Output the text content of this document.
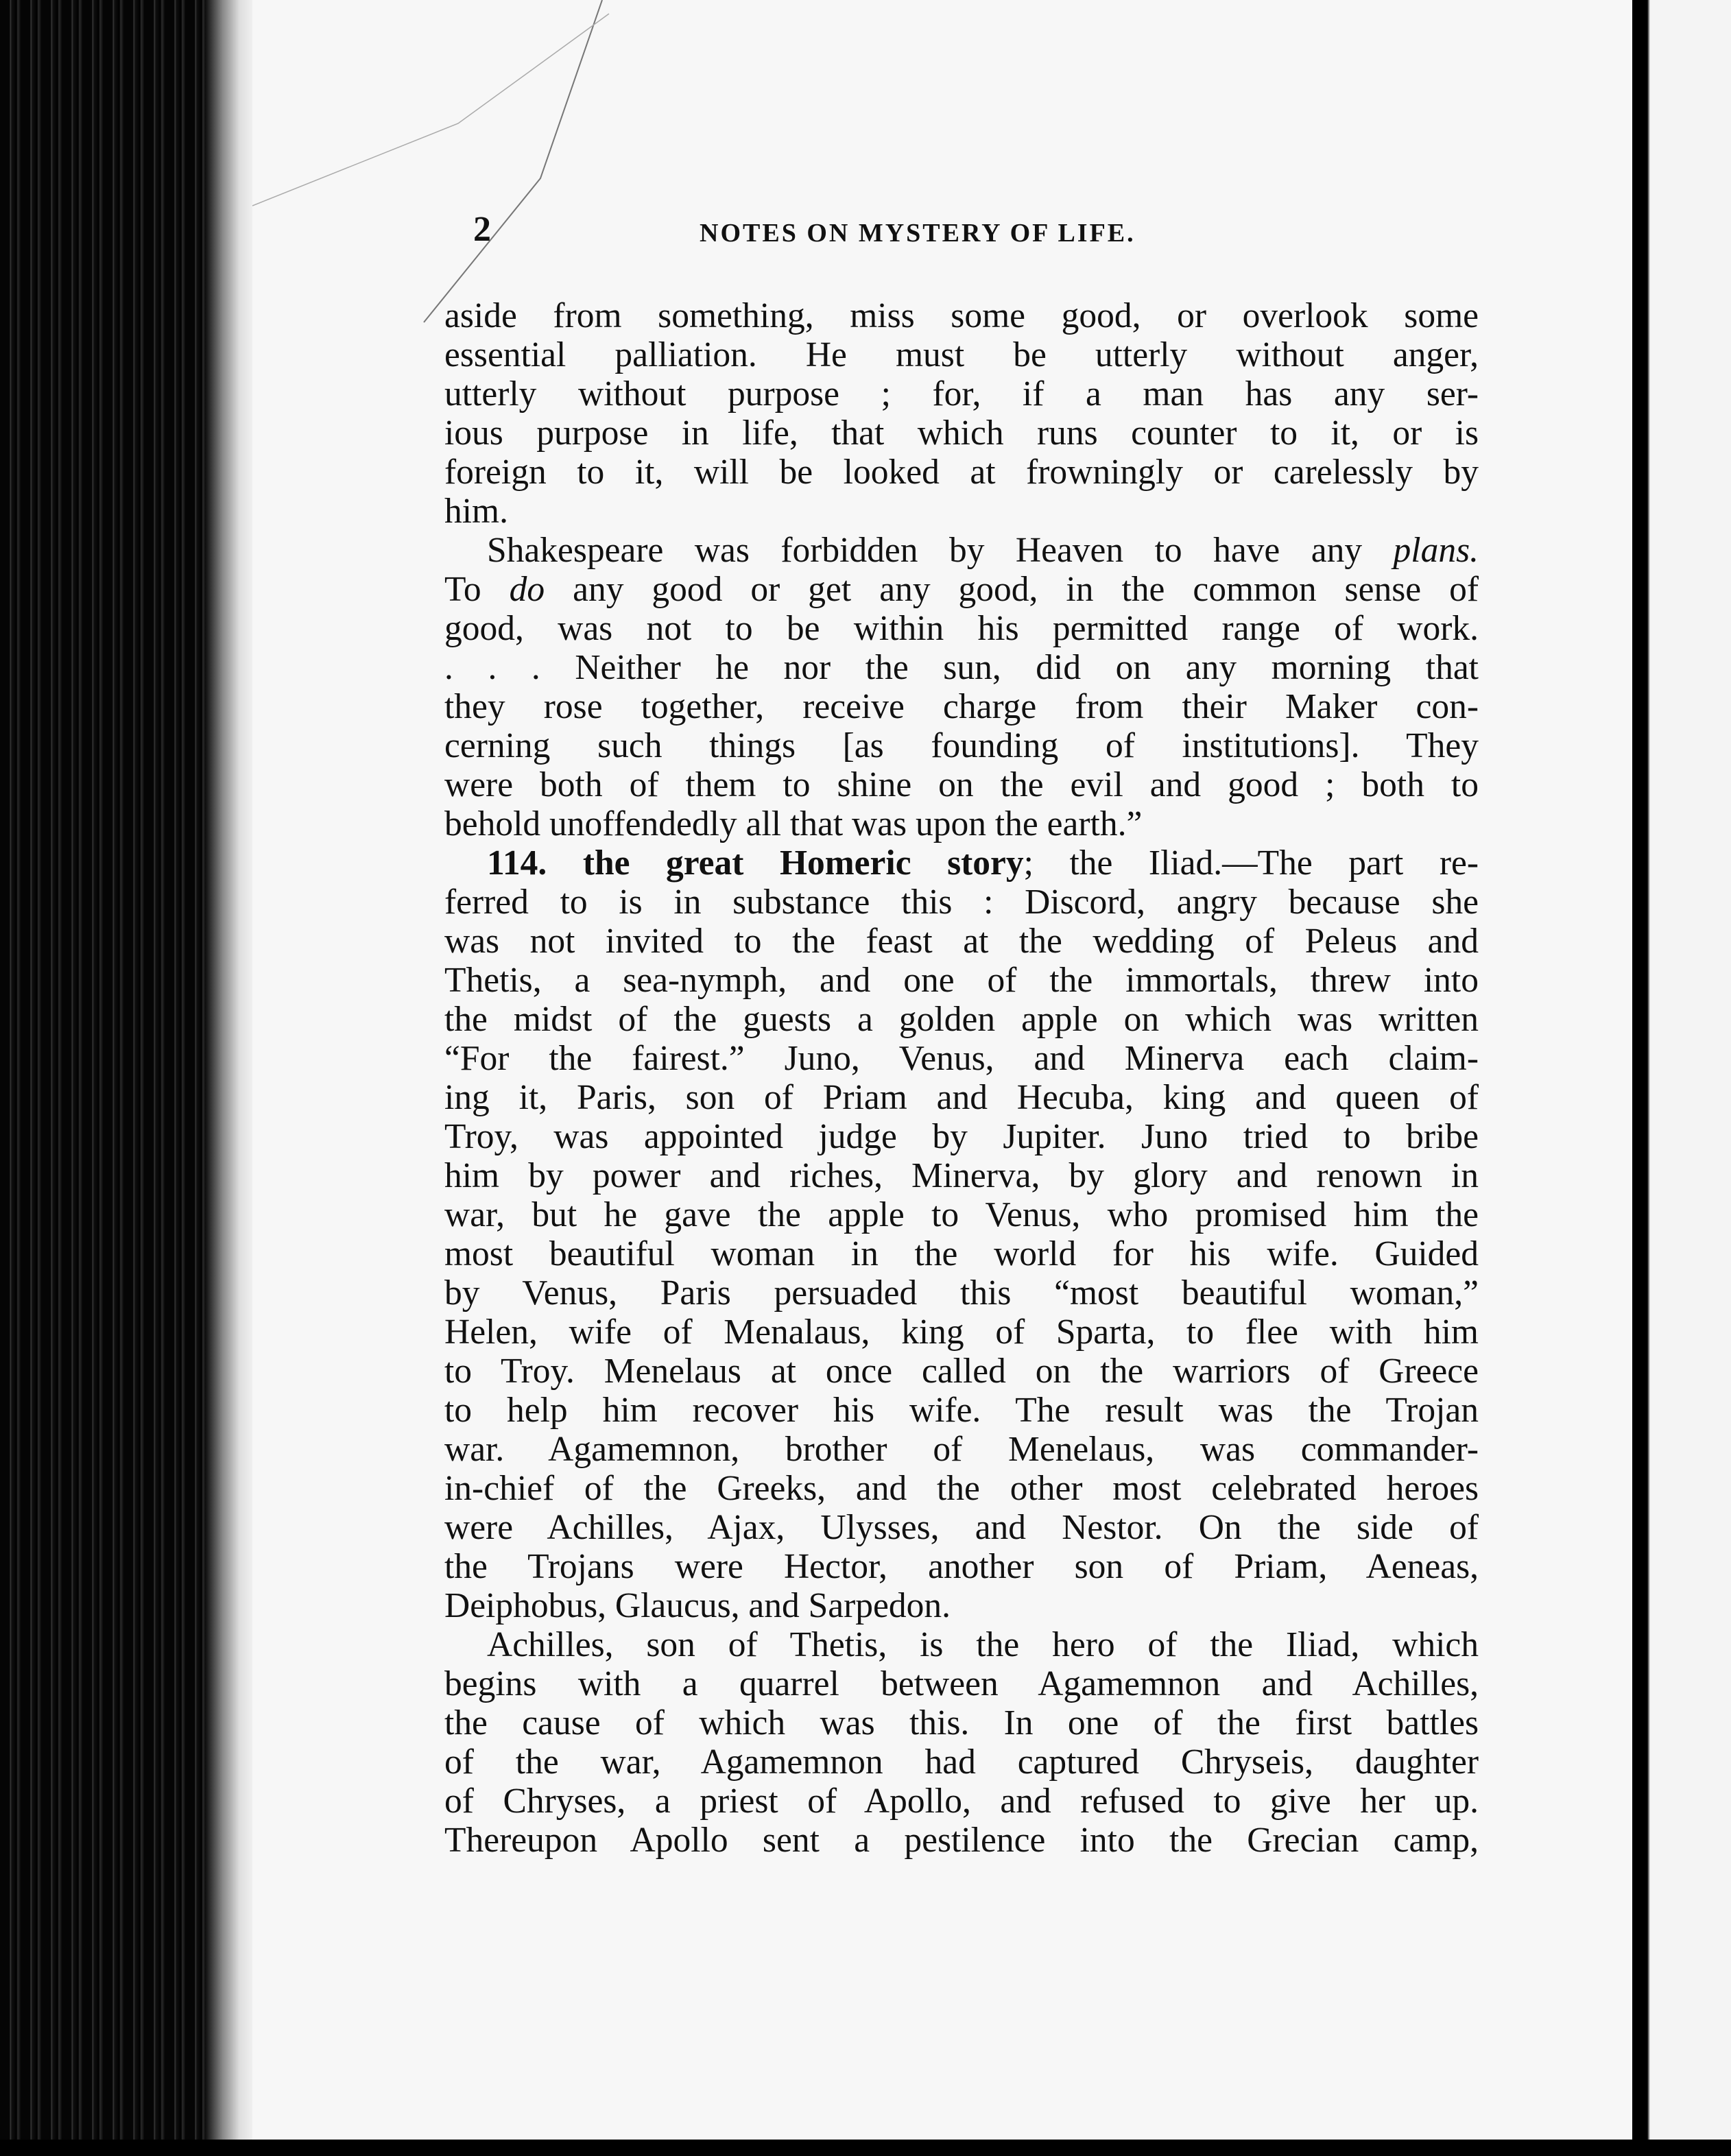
2	NOTES ON MYSTERY OF LIFE.
aside from something, miss some good, or overlook some
essential palliation. He must be utterly without anger,
utterly without purpose ; for, if a man has any ser-
ious purpose in life, that which runs counter to it, or is
foreign to it, will be looked at frowningly or carelessly by
him.
Shakespeare was forbidden by Heaven to have any plans.
To do any good or get any good, in the common sense of
good, was not to be within his permitted range of work.
. . . Neither he nor the sun, did on any morning that
they rose together, receive charge from their Maker con-
cerning such things [as founding of institutions]. They
were both of them to shine on the evil and good ; both to
behold unoffendedly all that was upon the earth.”
114. the great Homeric story; the Iliad.—The part re-
ferred to is in substance this : Discord, angry because she
was not invited to the feast at the wedding of Peleus and
Thetis, a sea-nymph, and one of the immortals, threw into
the midst of the guests a golden apple on which was written
“For the fairest.” Juno, Venus, and Minerva each claim-
ing it, Paris, son of Priam and Hecuba, king and queen of
Troy, was appointed judge by Jupiter. Juno tried to bribe
him by power and riches, Minerva, by glory and renown in
war, but he gave the apple to Venus, who promised him the
most beautiful woman in the world for his wife. Guided
by Venus, Paris persuaded this “most beautiful woman,”
Helen, wife of Menalaus, king of Sparta, to flee with him
to Troy. Menelaus at once called on the warriors of Greece
to help him recover his wife. The result was the Trojan
war. Agamemnon, brother of Menelaus, was commander-
in-chief of the Greeks, and the other most celebrated heroes
were Achilles, Ajax, Ulysses, and Nestor. On the side of
the Trojans were Hector, another son of Priam, Aeneas,
Deiphobus, Glaucus, and Sarpedon.
Achilles, son of Thetis, is the hero of the Iliad, which
begins with a quarrel between Agamemnon and Achilles,
the cause of which was this. In one of the first battles
of the war, Agamemnon had captured Chryseis, daughter
of Chryses, a priest of Apollo, and refused to give her up.
Thereupon Apollo sent a pestilence into the Grecian camp,
